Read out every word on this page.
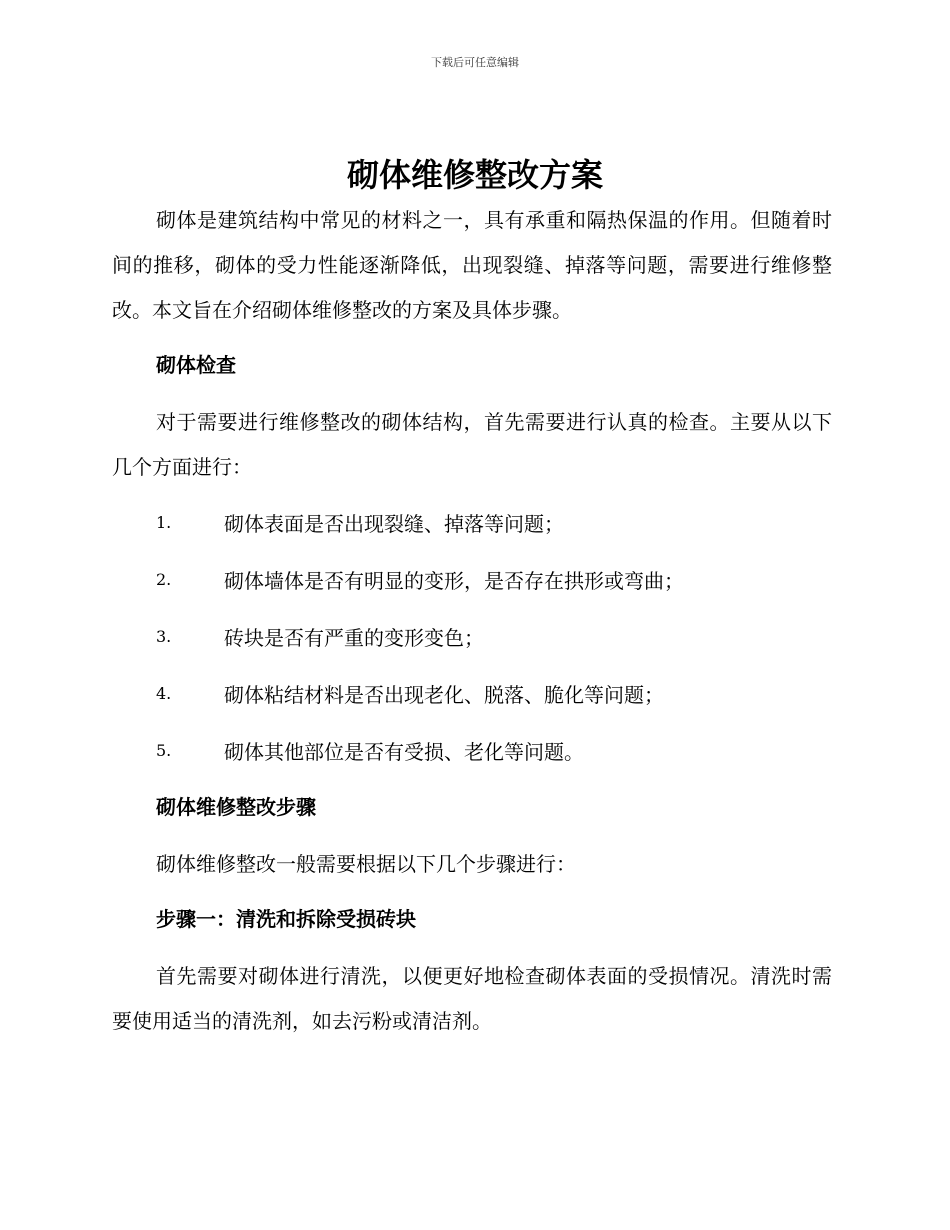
下载后可任意编辑
砌体维修整改方案

砌体是建筑结构中常见的材料之一，具有承重和隔热保温的作用。但随着时间的推移，砌体的受力性能逐渐降低，出现裂缝、掉落等问题，需要进行维修整改。本文旨在介绍砌体维修整改的方案及具体步骤。

砌体检查

对于需要进行维修整改的砌体结构，首先需要进行认真的检查。主要从以下几个方面进行：

1.	砌体表面是否出现裂缝、掉落等问题；
2.	砌体墙体是否有明显的变形，是否存在拱形或弯曲；
3.	砖块是否有严重的变形变色；
4.	砌体粘结材料是否出现老化、脱落、脆化等问题；
5.	砌体其他部位是否有受损、老化等问题。
砌体维修整改步骤

砌体维修整改一般需要根据以下几个步骤进行：

步骤一：清洗和拆除受损砖块

首先需要对砌体进行清洗，以便更好地检查砌体表面的受损情况。清洗时需要使用适当的清洗剂，如去污粉或清洁剂。
